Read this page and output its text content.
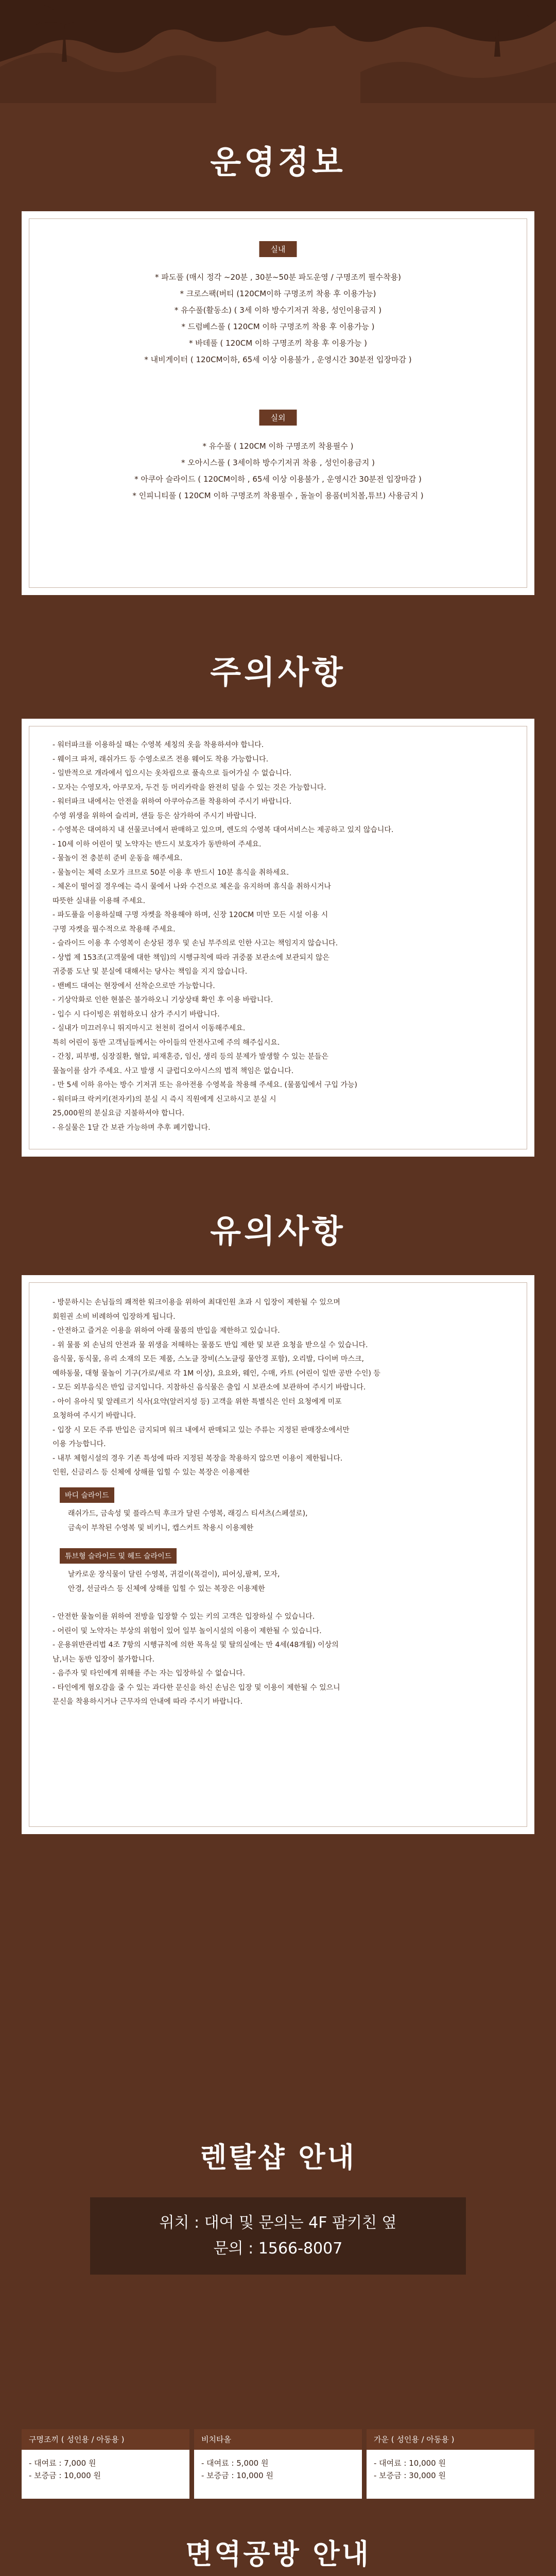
운영정보
실내
* 파도풀 (매시 정각 ~20분 , 30분~50분 파도운영 / 구명조끼 필수착용)
* 크로스팩(버티 (120CM이하 구명조끼 착용 후 이용가능)
* 유수풀(활동소) ( 3세 이하 방수기저귀 착용, 성인이용금지 )
* 드럼베스풀 ( 120CM 이하 구명조끼 착용 후 이용가능 )
* 바데풀 ( 120CM 이하 구명조끼 착용 후 이용가능 )
* 내비게이터 ( 120CM이하, 65세 이상 이용불가 , 운영시간 30분전 입장마감 )
실외
* 유수풀 ( 120CM 이하 구명조끼 착용필수 )
* 오아시스풀 ( 3세이하 방수기저귀 착용 , 성인이용금지 )
* 아쿠아 슬라이드 ( 120CM이하 , 65세 이상 이용불가 , 운영시간 30분전 입장마감 )
* 인피니티풀 ( 120CM 이하 구명조끼 착용필수 , 돌놀이 용품(비치볼,튜브) 사용금지 )
주의사항
- 워터파크를 이용하실 때는 수영복 세칭의 옷을 착용하셔야 합니다.
- 웨이크 파저, 래쉬가드 등 수영소로즈 전용 웨어도 착용 가능합니다.
- 일반적으로 개라에서 입으시는 옷차림으로 풀속으로 들어가실 수 없습니다.
- 모자는 수영모자, 아쿠모자, 두건 등 머리카락을 완전히 덮을 수 있는 것은 가능합니다.
- 워터파크 내에서는 안전을 위하여 아쿠아슈즈를 착용하여 주시기 바랍니다.
수영 위생을 위하여 슬리퍼, 샌들 등은 삼가하여 주시기 바랍니다.
- 수영복은 대여하지 내 선물코너에서 판매하고 있으며, 렌도의 수영복 대여서비스는 제공하고 있지 않습니다.
- 10세 이하 어린이 및 노약자는 반드시 보호자가 동반하여 주세요.
- 물놀이 전 충분히 준비 운동을 해주세요.
- 물놀이는 체력 소모가 크므로 50분 이용 후 반드시 10분 휴식을 취하세요.
- 체온이 떨어질 경우에는 즉시 물에서 나와 수건으로 체온을 유지하며 휴식을 취하시거나
따뜻한 실내를 이용해 주세요.
- 파도풀을 이용하실때 구명 자켓을 착용해야 하며, 신장 120CM 미만 모든 시설 이용 시
구명 자켓을 필수적으로 착용해 주세요.
- 슬라이드 이용 후 수영복이 손상된 경우 및 손님 부주의로 인한 사고는 책임지지 않습니다.
- 상법 제 153조(고객물에 대한 책임)의 시행규칙에 따라 귀중품 보관소에 보관되지 않은
귀중품 도난 및 분실에 대해서는 당사는 책임을 지지 않습니다.
- 밴베드 대여는 현장에서 선착순으로만 가능합니다.
- 기상악화로 인한 현불은 불가하오니 기상상태 확인 후 이용 바랍니다.
- 입수 시 다이빙은 위험하오니 삼가 주시기 바랍니다.
- 실내가 미끄러우니 뛰지마시고 천천히 걸어서 이동해주세요.
특히 어린이 동반 고객님들께서는 아이들의 안전사고에 주의 해주십시요.
- 간칭, 피부병, 심장질환, 혈압, 피재혼증, 임신, 생리 등의 분제가 발생할 수 있는 분들은
물놀이를 삼가 주세요. 사고 발생 시 클럽디오아시스의 법적 책임은 없습니다.
- 만 5세 이하 유아는 방수 기저귀 또는 유아전용 수영복을 착용해 주세요. (물품입에서 구입 가능)
- 워터파크 락커키(전자키)의 분실 시 즉시 직원에게 신고하시고 분실 시
25,000원의 분실요금 지불하셔야 합니다.
- 유실물은 1달 간 보관 가능하며 추후 폐기합니다.
유의사항
- 방문하시는 손님들의 쾌적한 워크이용을 위하여 최대인원 초과 시 입장이 제한될 수 있으며
회원권 소비 비례하여 입장하게 됩니다.
- 안전하고 즐거운 이용을 위하여 아래 물품의 반입을 제한하고 있습니다.
- 위 물품 외 손님의 안전과 물 위생을 저해하는 물품도 반입 제한 및 보관 요청을 받으실 수 있습니다.
음식물, 동식물, 유리 소재의 모든 제품, 스노클 장비(스노클링 물안경 포함), 오리발, 다이버 마스크,
예하동물, 대형 물놀이 기구(가로/세로 각 1M 이상), 요요와, 웨인, 수매, 카트 (어린이 일반 공반 수인) 등
- 모든 외부음식은 반입 금지입니다. 지참하신 음식물은 출입 시 보관소에 보관하여 주시기 바랍니다.
- 아이 유아식 및 알레르기 식사(요약(알러지성 등) 고객을 위한 특별식은 인터 요청에게 미포
요청하여 주시기 바랍니다.
- 입장 시 모든 주류 반입은 금지되며 워크 내에서 판매되고 있는 주류는 지정된 판매장소에서만
이용 가능합니다.
- 내부 체험시설의 경우 기존 특성에 따라 지정된 복장을 착용하지 않으면 이용이 제한됩니다.
인원, 신금리스 등 신체에 상해를 입힐 수 있는 복장은 이용제한
바디 슬라이드
래쉬가드, 금속성 및 플라스틱 후크가 달린 수영복, 래깅스 티셔츠(스페셜로),
금속이 부착된 수영복 및 비키니, 캡스커트 착용시 이용제한
튜브형 슬라이드 및 헤드 슬라이드
날카로운 장식물이 달린 수영복, 귀걸이(목걸이), 피어싱,팔찌, 모자,
안경, 선글라스 등 신체에 상해를 입힐 수 있는 복장은 이용제한
- 안전한 물놀이를 위하여 전방을 입장할 수 있는 키의 고객은 입장하실 수 있습니다.
- 어린이 및 노약자는 부상의 위험이 있어 일부 놀이시설의 이용이 제한될 수 있습니다.
- 운용위반관리법 4조 7항의 시행규칙에 의한 목욕실 및 탈의실에는 만 4세(48개월) 이상의
남,녀는 동반 입장이 불가합니다.
- 음주자 및 타인에게 위해를 주는 자는 입장하실 수 없습니다.
- 타인에게 혐오감을 줄 수 있는 과다한 문신을 하신 손님은 입장 및 이용이 제한될 수 있으니
문신을 착용하시거나 근무자의 안내에 따라 주시기 바랍니다.
렌탈샵 안내
위치 : 대여 및 문의는 4F 팜키친 옆
문의 : 1566-8007
구명조끼 ( 성인용 / 아동용 )
- 대여료 : 7,000 원
- 보증금 : 10,000 원
비치타올
- 대여료 : 5,000 원
- 보증금 : 10,000 원
가운 ( 성인용 / 아동용 )
- 대여료 : 10,000 원
- 보증금 : 30,000 원
면역공방 안내
